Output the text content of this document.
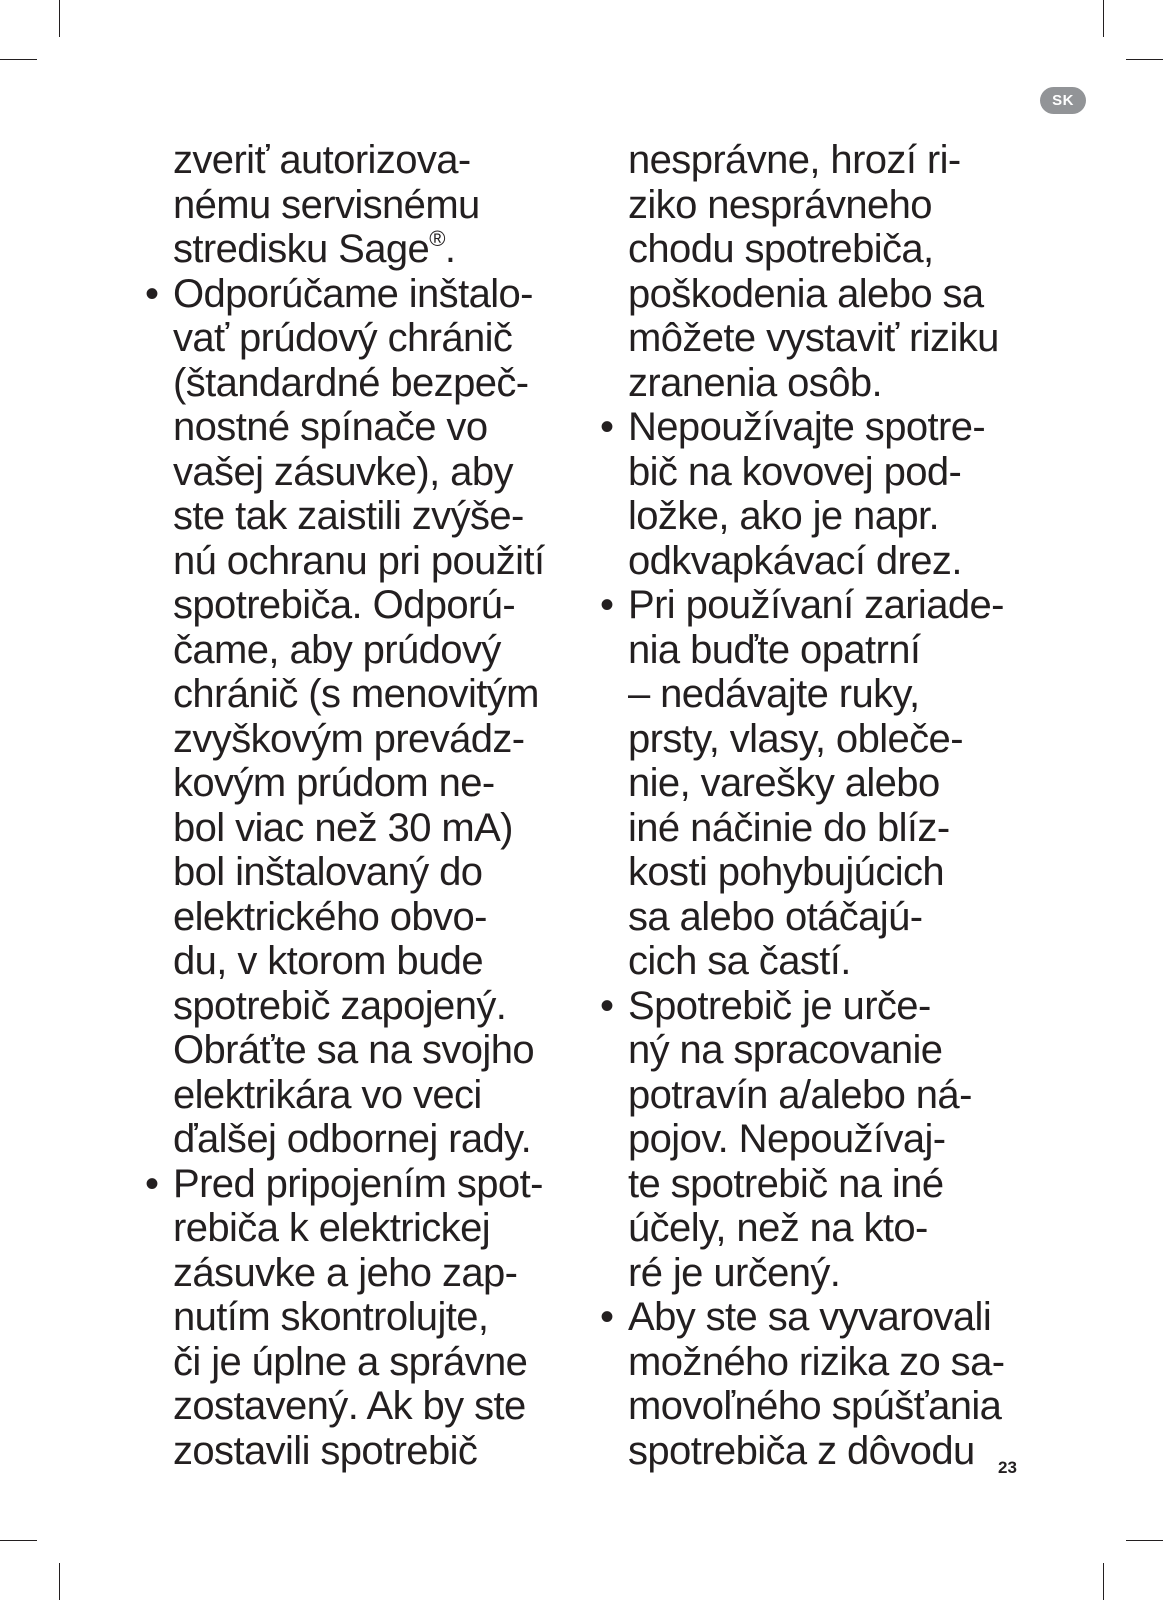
SK
zveriť autorizova-
nému servisnému
stredisku Sage®.
• Odporúčame inštalo-
vať prúdový chránič
(štandardné bezpeč-
nostné spínače vo
vašej zásuvke), aby
ste tak zaistili zvýše-
nú ochranu pri použití
spotrebiča. Odporú-
čame, aby prúdový
chránič (s menovitým
zvyškovým prevádz-
kovým prúdom ne-
bol viac než 30 mA)
bol inštalovaný do
elektrického obvo-
du, v ktorom bude
spotrebič zapojený.
Obráťte sa na svojho
elektrikára vo veci
ďalšej odbornej rady.
• Pred pripojením spot-
rebiča k elektrickej
zásuvke a jeho zap-
nutím skontrolujte,
či je úplne a správne
zostavený. Ak by ste
zostavili spotrebič
nesprávne, hrozí ri-
ziko nesprávneho
chodu spotrebiča,
poškodenia alebo sa
môžete vystaviť riziku
zranenia osôb.
• Nepoužívajte spotre-
bič na kovovej pod-
ložke, ako je napr.
odkvapkávací drez.
• Pri používaní zariade-
nia buďte opatrní
– nedávajte ruky,
prsty, vlasy, obleče-
nie, varešky alebo
iné náčinie do blíz-
kosti pohybujúcich
sa alebo otáčajú-
cich sa častí.
• Spotrebič je urče-
ný na spracovanie
potravín a/alebo ná-
pojov. Nepoužívaj-
te spotrebič na iné
účely, než na kto-
ré je určený.
• Aby ste sa vyvarovali
možného rizika zo sa-
movoľného spúšťania
spotrebiča z dôvodu	23
